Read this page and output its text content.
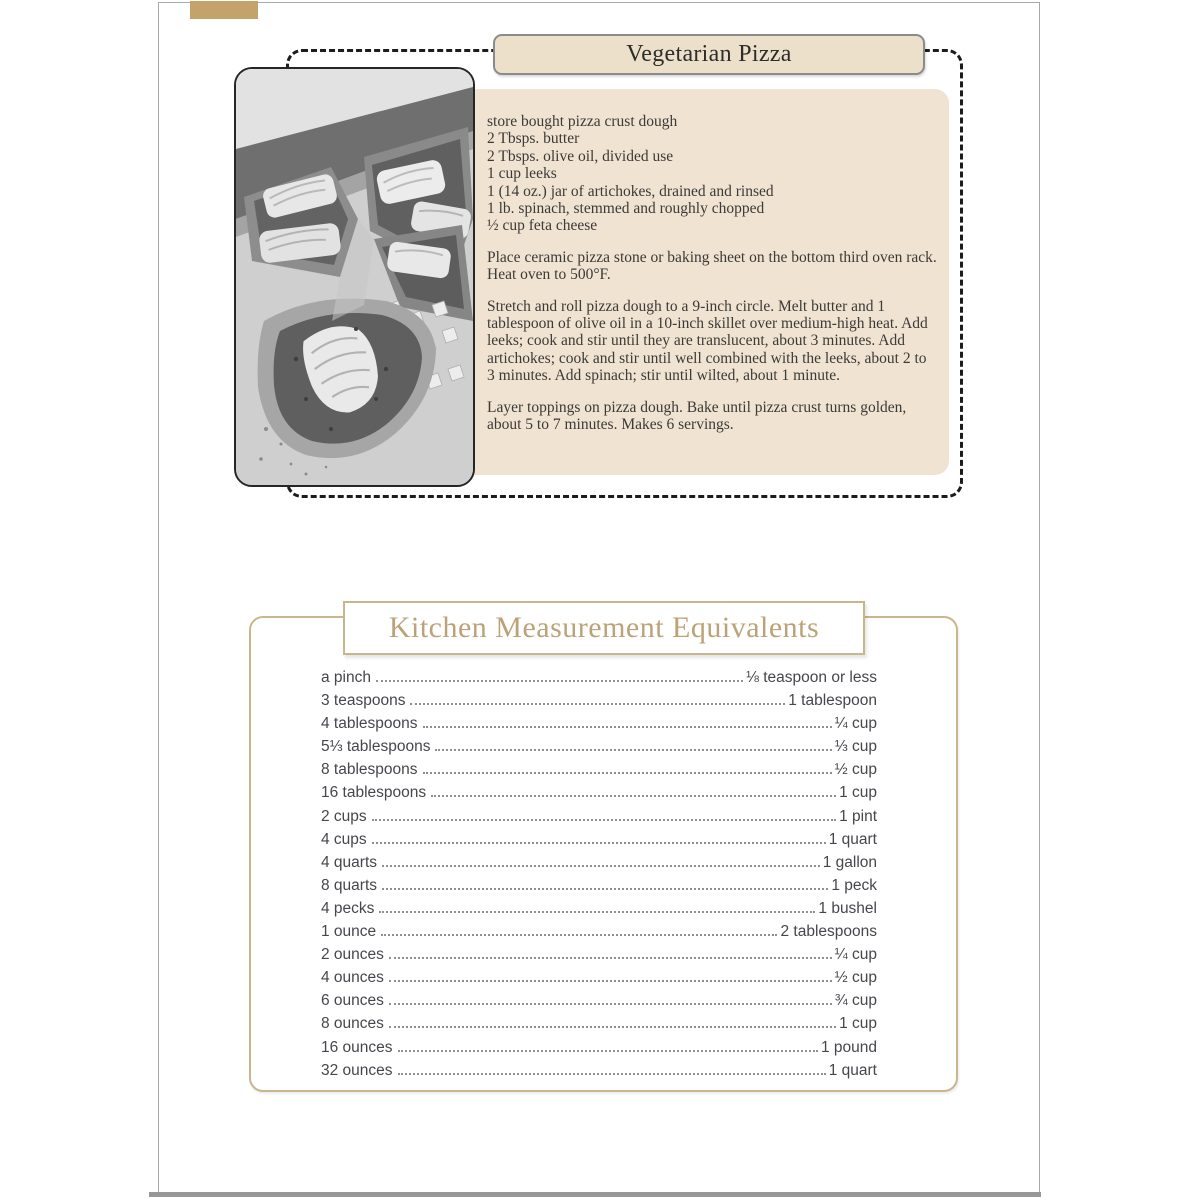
store bought pizza crust dough
2 Tbsps. butter
2 Tbsps. olive oil, divided use
1 cup leeks
1 (14 oz.) jar of artichokes, drained and rinsed
1 lb. spinach, stemmed and roughly chopped
½ cup feta cheese

Place ceramic pizza stone or baking sheet on the bottom third oven rack. Heat oven to 500°F.

Stretch and roll pizza dough to a 9-inch circle. Melt butter and 1 tablespoon of olive oil in a 10-inch skillet over medium-high heat. Add leeks; cook and stir until they are translucent, about 3 minutes. Add artichokes; cook and stir until well combined with the leeks, about 2 to 3 minutes. Add spinach; stir until wilted, about 1 minute.

Layer toppings on pizza dough. Bake until pizza crust turns golden, about 5 to 7 minutes. Makes 6 servings.

Vegetarian Pizza
Kitchen Measurement Equivalents
a pinch	⅛ teaspoon or less
3 teaspoons	1 tablespoon
4 tablespoons	¼ cup
5⅓ tablespoons	⅓ cup
8 tablespoons	½ cup
16 tablespoons	1 cup
2 cups	1 pint
4 cups	1 quart
4 quarts	1 gallon
8 quarts	1 peck
4 pecks	1 bushel
1 ounce	2 tablespoons
2 ounces	¼ cup
4 ounces	½ cup
6 ounces	¾ cup
8 ounces	1 cup
16 ounces	1 pound
32 ounces	1 quart
